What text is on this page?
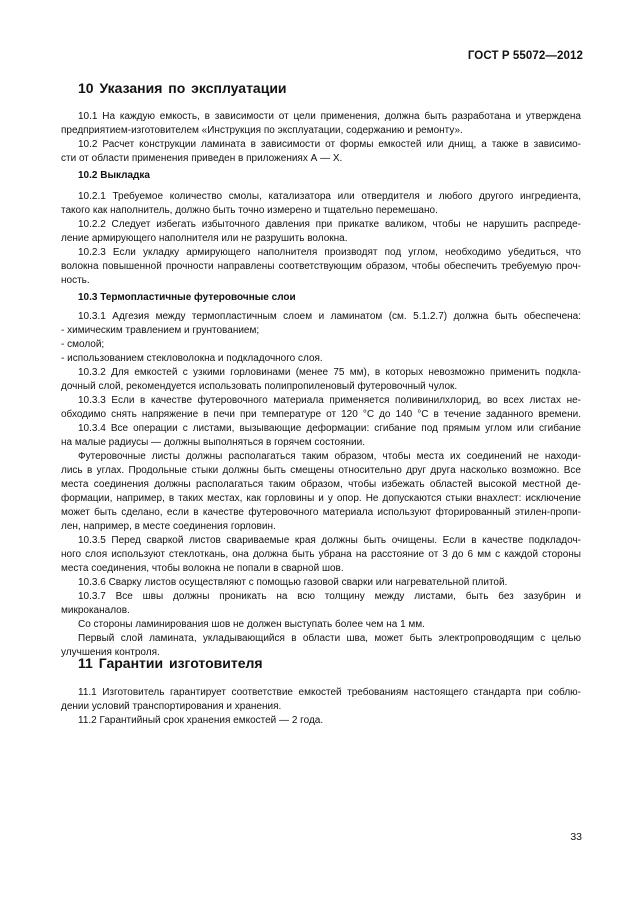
ГОСТ Р 55072—2012
10 Указания по эксплуатации
10.1 На каждую емкость, в зависимости от цели применения, должна быть разработана и утверждена
предприятием-изготовителем «Инструкция по эксплуатации, содержанию и ремонту».
10.2 Расчет конструкции ламината в зависимости от формы емкостей или днищ, а также в зависимо-
сти от области применения приведен в приложениях А — X.
10.2 Выкладка
10.2.1 Требуемое количество смолы, катализатора или отвердителя и любого другого ингредиента,
такого как наполнитель, должно быть точно измерено и тщательно перемешано.
10.2.2 Следует избегать избыточного давления при прикатке валиком, чтобы не нарушить распреде-
ление армирующего наполнителя или не разрушить волокна.
10.2.3 Если укладку армирующего наполнителя производят под углом, необходимо убедиться, что
волокна повышенной прочности направлены соответствующим образом, чтобы обеспечить требуемую проч-
ность.
10.3 Термопластичные футеровочные слои
10.3.1 Адгезия между термопластичным слоем и ламинатом (см. 5.1.2.7) должна быть обеспечена:
- химическим травлением и грунтованием;
- смолой;
- использованием стекловолокна и подкладочного слоя.
10.3.2 Для емкостей с узкими горловинами (менее 75 мм), в которых невозможно применить подкла-
дочный слой, рекомендуется использовать полипропиленовый футеровочный чулок.
10.3.3 Если в качестве футеровочного материала применяется поливинилхлорид, во всех листах не-
обходимо снять напряжение в печи при температуре от 120 °С до 140 °С в течение заданного времени.
10.3.4 Все операции с листами, вызывающие деформации: сгибание под прямым углом или сгибание
на малые радиусы — должны выполняться в горячем состоянии.
Футеровочные листы должны располагаться таким образом, чтобы места их соединений не находи-
лись в углах. Продольные стыки должны быть смещены относительно друг друга насколько возможно. Все
места соединения должны располагаться таким образом, чтобы избежать областей высокой местной де-
формации, например, в таких местах, как горловины и у опор. Не допускаются стыки внахлест: исключение
может быть сделано, если в качестве футеровочного материала используют фторированный этилен-пропи-
лен, например, в месте соединения горловин.
10.3.5 Перед сваркой листов свариваемые края должны быть очищены. Если в качестве подкладоч-
ного слоя используют стеклоткань, она должна быть убрана на расстояние от 3 до 6 мм с каждой стороны
места соединения, чтобы волокна не попали в сварной шов.
10.3.6 Сварку листов осуществляют с помощью газовой сварки или нагревательной плитой.
10.3.7 Все швы должны проникать на всю толщину между листами, быть без зазубрин и
микроканалов.
Со стороны ламинирования шов не должен выступать более чем на 1 мм.
Первый слой ламината, укладывающийся в области шва, может быть электропроводящим с целью
улучшения контроля.
11 Гарантии изготовителя
11.1 Изготовитель гарантирует соответствие емкостей требованиям настоящего стандарта при соблю-
дении условий транспортирования и хранения.
11.2 Гарантийный срок хранения емкостей — 2 года.
33
